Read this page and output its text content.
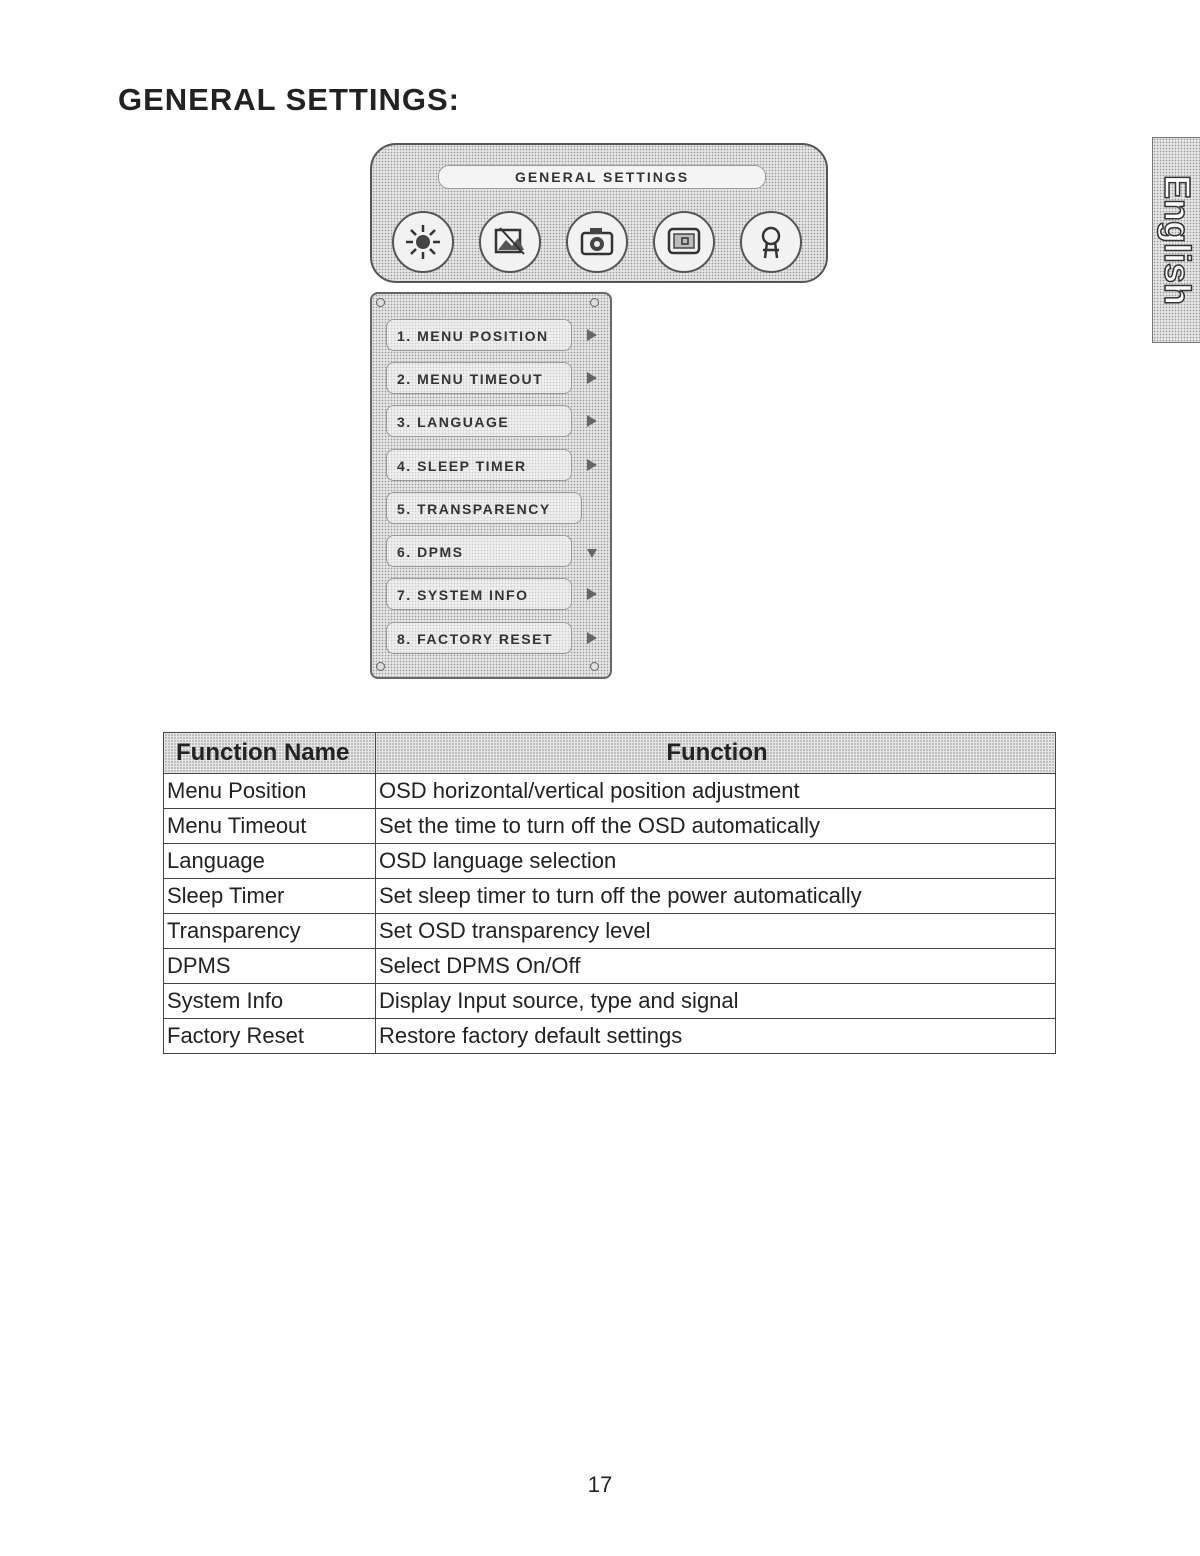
GENERAL SETTINGS:
English
GENERAL SETTINGS
1. MENU POSITION
2. MENU TIMEOUT
3. LANGUAGE
4. SLEEP TIMER
5. TRANSPARENCY
6. DPMS
7. SYSTEM INFO
8. FACTORY RESET
Function Name	Function
Menu Position	OSD horizontal/vertical position adjustment
Menu Timeout	Set the time to turn off the OSD automatically
Language	OSD language selection
Sleep Timer	Set sleep timer to turn off the power automatically
Transparency	Set OSD transparency level
DPMS	Select DPMS On/Off
System Info	Display Input source, type and signal
Factory Reset	Restore factory default settings
17
